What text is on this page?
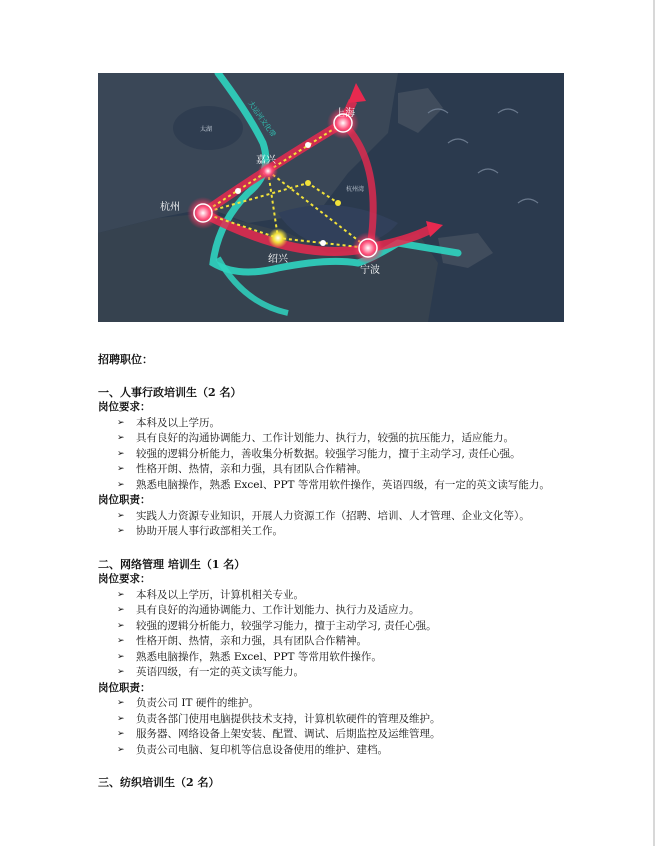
上海
嘉兴
杭州
绍兴
宁波
大运河文化带
太湖
杭州湾
招聘职位：
一、人事行政培训生（2 名）
岗位要求：
➢ 本科及以上学历。
➢ 具有良好的沟通协调能力、工作计划能力、执行力，较强的抗压能力，适应能力。
➢ 较强的逻辑分析能力，善收集分析数据。较强学习能力，擅于主动学习, 责任心强。
➢ 性格开朗、热情，亲和力强，具有团队合作精神。
➢ 熟悉电脑操作，熟悉 Excel、PPT 等常用软件操作，英语四级，有一定的英文读写能力。
岗位职责：
➢ 实践人力资源专业知识，开展人力资源工作（招聘、培训、人才管理、企业文化等）。
➢ 协助开展人事行政部相关工作。
二、网络管理 培训生（1 名）
岗位要求：
➢ 本科及以上学历，计算机相关专业。
➢ 具有良好的沟通协调能力、工作计划能力、执行力及适应力。
➢ 较强的逻辑分析能力，较强学习能力，擅于主动学习, 责任心强。
➢ 性格开朗、热情，亲和力强，具有团队合作精神。
➢ 熟悉电脑操作，熟悉 Excel、PPT 等常用软件操作。
➢ 英语四级，有一定的英文读写能力。
岗位职责：
➢ 负责公司 IT 硬件的维护。
➢ 负责各部门使用电脑提供技术支持，计算机软硬件的管理及维护。
➢ 服务器、网络设备上架安装、配置、调试、后期监控及运维管理。
➢ 负责公司电脑、复印机等信息设备使用的维护、建档。
三、纺织培训生（2 名）
